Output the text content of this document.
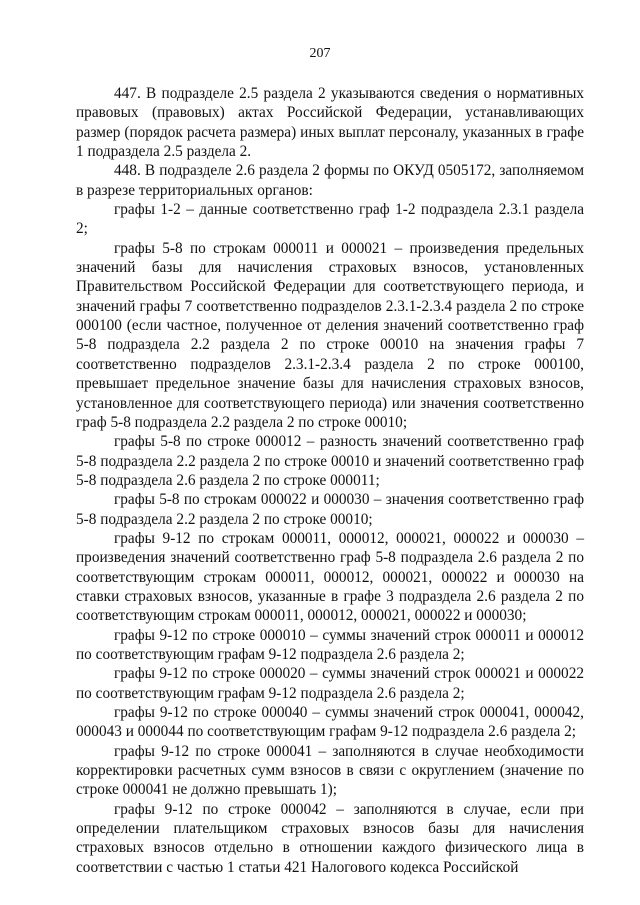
207

447. В подразделе 2.5 раздела 2 указываются сведения о нормативных правовых (правовых) актах Российской Федерации, устанавливающих размер (порядок расчета размера) иных выплат персоналу, указанных в графе 1 подраздела 2.5 раздела 2.

448. В подразделе 2.6 раздела 2 формы по ОКУД 0505172, заполняемом в разрезе территориальных органов:

графы 1-2 – данные соответственно граф 1-2 подраздела 2.3.1 раздела 2;

графы 5-8 по строкам 000011 и 000021 – произведения предельных значений базы для начисления страховых взносов, установленных Правительством Российской Федерации для соответствующего периода, и значений графы 7 соответственно подразделов 2.3.1-2.3.4 раздела 2 по строке 000100 (если частное, полученное от деления значений соответственно граф 5-8 подраздела 2.2 раздела 2 по строке 00010 на значения графы 7 соответственно подразделов 2.3.1-2.3.4 раздела 2 по строке 000100, превышает предельное значение базы для начисления страховых взносов, установленное для соответствующего периода) или значения соответственно граф 5-8 подраздела 2.2 раздела 2 по строке 00010;

графы 5-8 по строке 000012 – разность значений соответственно граф 5-8 подраздела 2.2 раздела 2 по строке 00010 и значений соответственно граф 5-8 подраздела 2.6 раздела 2 по строке 000011;

графы 5-8 по строкам 000022 и 000030 – значения соответственно граф 5-8 подраздела 2.2 раздела 2 по строке 00010;

графы 9-12 по строкам 000011, 000012, 000021, 000022 и 000030 – произведения значений соответственно граф 5-8 подраздела 2.6 раздела 2 по соответствующим строкам 000011, 000012, 000021, 000022 и 000030 на ставки страховых взносов, указанные в графе 3 подраздела 2.6 раздела 2 по соответствующим строкам 000011, 000012, 000021, 000022 и 000030;

графы 9-12 по строке 000010 – суммы значений строк 000011 и 000012 по соответствующим графам 9-12 подраздела 2.6 раздела 2;

графы 9-12 по строке 000020 – суммы значений строк 000021 и 000022 по соответствующим графам 9-12 подраздела 2.6 раздела 2;

графы 9-12 по строке 000040 – суммы значений строк 000041, 000042, 000043 и 000044 по соответствующим графам 9-12 подраздела 2.6 раздела 2;

графы 9-12 по строке 000041 – заполняются в случае необходимости корректировки расчетных сумм взносов в связи с округлением (значение по строке 000041 не должно превышать 1);

графы 9-12 по строке 000042 – заполняются в случае, если при определении плательщиком страховых взносов базы для начисления страховых взносов отдельно в отношении каждого физического лица в соответствии с частью 1 статьи 421 Налогового кодекса Российской
